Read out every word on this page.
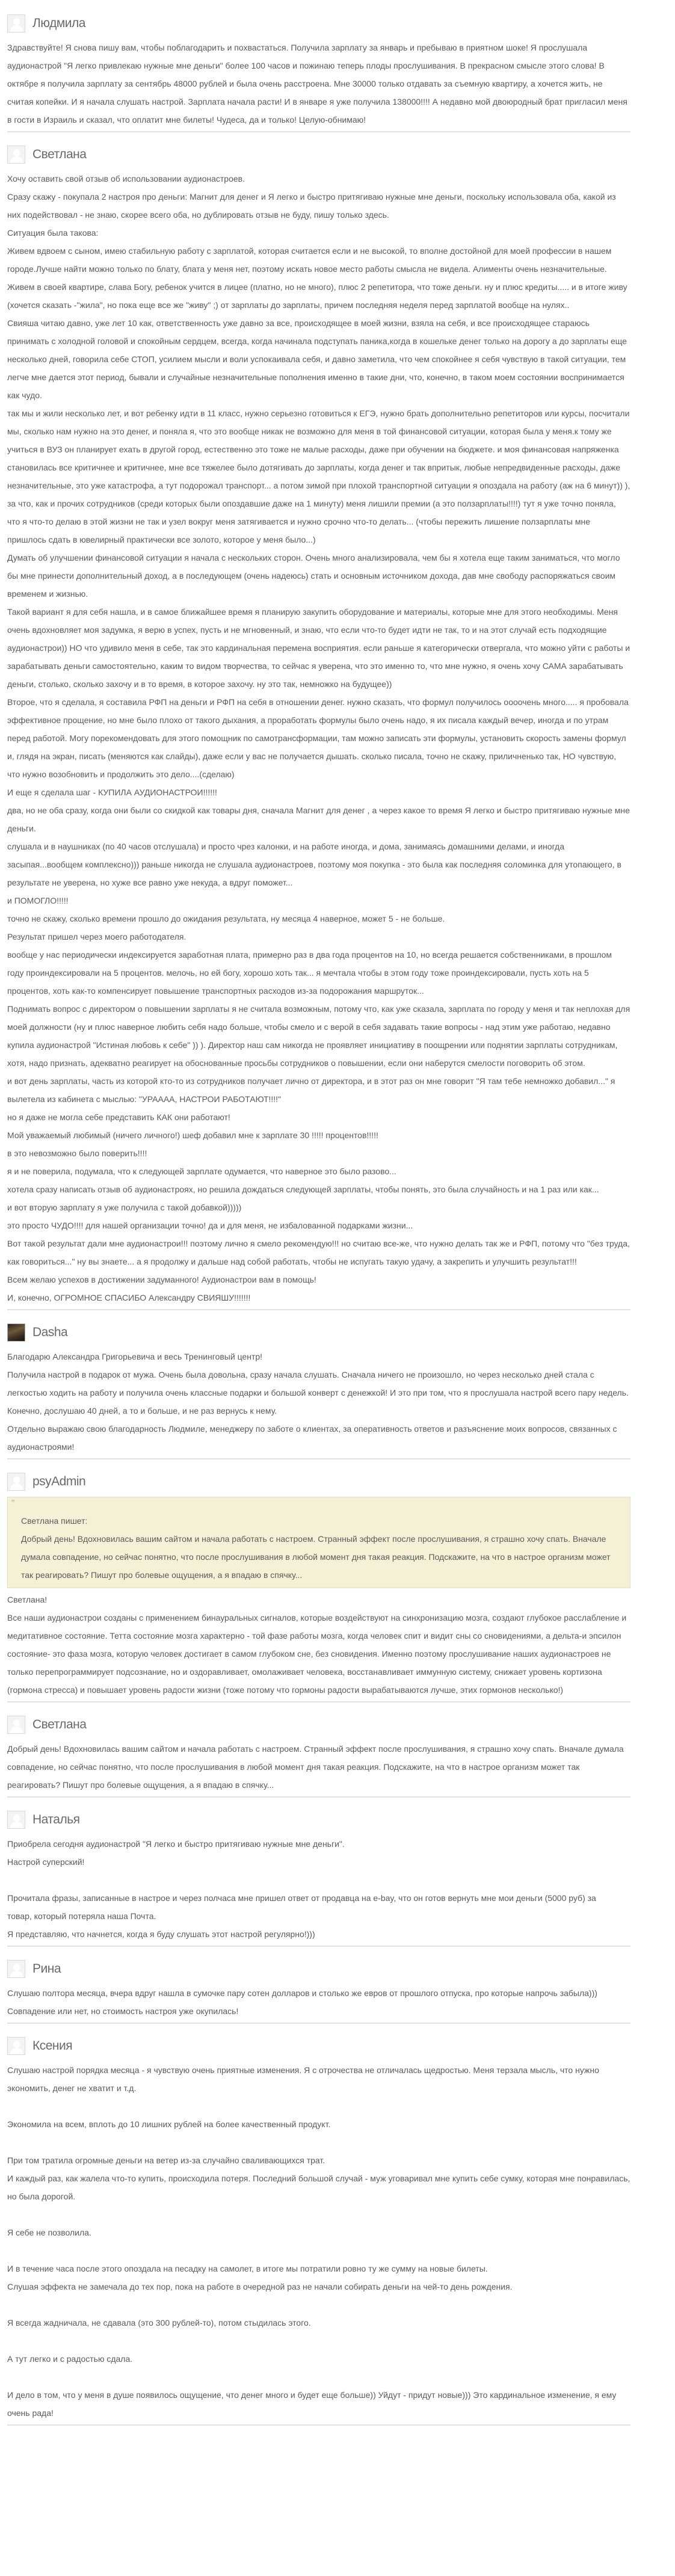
Людмила

Здравствуйте! Я снова пишу вам, чтобы поблагодарить и похвастаться. Получила зарплату за январь и пребываю в приятном шоке! Я прослушала аудионастрой "Я легко привлекаю нужные мне деньги" более 100 часов и пожинаю теперь плоды прослушивания. В прекрасном смысле этого слова! В октябре я получила зарплату за сентябрь 48000 рублей и была очень расстроена. Мне 30000 только отдавать за съемную квартиру, а хочется жить, не считая копейки. И я начала слушать настрой. Зарплата начала расти! И в январе я уже получила 138000!!!! А недавно мой двоюродный брат пригласил меня в гости в Израиль и сказал, что оплатит мне билеты! Чудеса, да и только! Целую-обнимаю!

Светлана

Хочу оставить свой отзыв об использовании аудионастроев.

Сразу скажу - покупала 2 настроя про деньги: Магнит для денег и Я легко и быстро притягиваю нужные мне деньги, поскольку использовала оба, какой из них подействовал - не знаю, скорее всего оба, но дублировать отзыв не буду, пишу только здесь.

Ситуация была такова:

Живем вдвоем с сыном, имею стабильную работу с зарплатой, которая считается если и не высокой, то вполне достойной для моей профессии в нашем городе.Лучше найти можно только по блату, блата у меня нет, поэтому искать новое место работы смысла не видела. Алименты очень незначительные. Живем в своей квартире, слава Богу, ребенок учится в лицее (платно, но не много), плюс 2 репетитора, что тоже деньги. ну и плюс кредиты..... и в итоге живу (хочется сказать -"жила", но пока еще все же "живу" ;) от зарплаты до зарплаты, причем последняя неделя перед зарплатой вообще на нулях..

Свияша читаю давно, уже лет 10 как, ответственность уже давно за все, происходящее в моей жизни, взяла на себя, и все происходящее стараюсь принимать с холодной головой и спокойным сердцем, всегда, когда начинала подступать паника,когда в кошельке денег только на дорогу а до зарплаты еще несколько дней, говорила себе СТОП, усилием мысли и воли успокаивала себя, и давно заметила, что чем спокойнее я себя чувствую в такой ситуации, тем легче мне дается этот период, бывали и случайные незначительные пополнения именно в такие дни, что, конечно, в таком моем состоянии воспринимается как чудо.

так мы и жили несколько лет, и вот ребенку идти в 11 класс, нужно серьезно готовиться к ЕГЭ, нужно брать дополнительно репетиторов или курсы, посчитали мы, сколько нам нужно на это денег, и поняла я, что это вообще никак не возможно для меня в той финансовой ситуации, которая была у меня.к тому же учиться в ВУЗ он планирует ехать в другой город, естественно это тоже не малые расходы, даже при обучении на бюджете. и моя финансовая напряженка становилась все критичнее и критичнее, мне все тяжелее было дотягивать до зарплаты, когда денег и так впритык, любые непредвиденные расходы, даже незначительные, это уже катастрофа, а тут подорожал транспорт... а потом зимой при плохой транспортной ситуации я опоздала на работу (аж на 6 минут)) ), за что, как и прочих сотрудников (среди которых были опоздавшие даже на 1 минуту) меня лишили премии (а это ползарплаты!!!!) тут я уже точно поняла, что я что-то делаю в этой жизни не так и узел вокруг меня затягивается и нужно срочно что-то делать... (чтобы пережить лишение ползарплаты мне пришлось сдать в ювелирный практически все золото, которое у меня было...)

Думать об улучшении финансовой ситуации я начала с нескольких сторон. Очень много анализировала, чем бы я хотела еще таким заниматься, что могло бы мне принести дополнительный доход, а в последующем (очень надеюсь) стать и основным источником дохода, дав мне свободу распоряжаться своим временем и жизнью.

Такой вариант я для себя нашла, и в самое ближайшее время я планирую закупить оборудование и материалы, которые мне для этого необходимы. Меня очень вдохновляет моя задумка, я верю в успех, пусть и не мгновенный, и знаю, что если что-то будет идти не так, то и на этот случай есть подходящие аудионастрои)) НО что удивило меня в себе, так это кардинальная перемена восприятия. если раньше я категорически отвергала, что можно уйти с работы и зарабатывать деньги самостоятельно, каким то видом творчества, то сейчас я уверена, что это именно то, что мне нужно, я очень хочу САМА зарабатывать деньги, столько, сколько захочу и в то время, в которое захочу. ну это так, немножко на будущее))

Второе, что я сделала, я составила РФП на деньги и РФП на себя в отношении денег. нужно сказать, что формул получилось оооочень много..... я пробовала эффективное прощение, но мне было плохо от такого дыхания, а проработать формулы было очень надо, я их писала каждый вечер, иногда и по утрам перед работой. Могу порекомендовать для этого помощник по самотрансформации, там можно записать эти формулы, установить скорость замены формул и, глядя на экран, писать (меняются как слайды), даже если у вас не получается дышать. сколько писала, точно не скажу, приличненько так, НО чувствую, что нужно возобновить и продолжить это дело....(сделаю)

И еще я сделала шаг - КУПИЛА АУДИОНАСТРОИ!!!!!!

два, но не оба сразу, когда они были со скидкой как товары дня, сначала Магнит для денег , а через какое то время Я легко и быстро притягиваю нужные мне деньги.

слушала и в наушниках (по 40 часов отслушала) и просто чрез калонки, и на работе иногда, и дома, занимаясь домашними делами, и иногда засыпая...вообщем комплексно))) раньше никогда не слушала аудионастроев, поэтому моя покупка - это была как последняя соломинка для утопающего, в результате не уверена, но хуже все равно уже некуда, а вдруг поможет...

и ПОМОГЛО!!!!!

точно не скажу, сколько времени прошло до ожидания результата, ну месяца 4 наверное, может 5 - не больше.

Результат пришел через моего работодателя.

вообще у нас периодически индексируется заработная плата, примерно раз в два года процентов на 10, но всегда решается собственниками, в прошлом году проиндексировали на 5 процентов. мелочь, но ей богу, хорошо хоть так... я мечтала чтобы в этом году тоже проиндексировали, пусть хоть на 5 процентов, хоть как-то компенсирует повышение транспортных расходов из-за подорожания маршруток...

Поднимать вопрос с директором о повышении зарплаты я не считала возможным, потому что, как уже сказала, зарплата по городу у меня и так неплохая для моей должности (ну и плюс наверное любить себя надо больше, чтобы смело и с верой в себя задавать такие вопросы - над этим уже работаю, недавно купила аудионастрой "Истиная любовь к себе" )) ). Директор наш сам никогда не проявляет инициативу в поощрении или поднятии зарплаты сотрудникам, хотя, надо признать, адекватно реагирует на обоснованные просьбы сотрудников о повышении, если они наберутся смелости поговорить об этом.

и вот день зарплаты, часть из которой кто-то из сотрудников получает лично от директора, и в этот раз он мне говорит "Я там тебе немножко добавил..." я вылетела из кабинета с мыслью: "УРАААА, НАСТРОИ РАБОТАЮТ!!!!"

но я даже не могла себе представить КАК они работают!

Мой уважаемый любимый (ничего личного!) шеф добавил мне к зарплате 30 !!!!! процентов!!!!!

в это невозможно было поверить!!!!

я и не поверила, подумала, что к следующей зарплате одумается, что наверное это было разово...

хотела сразу написать отзыв об аудионастроях, но решила дождаться следующей зарплаты, чтобы понять, это была случайность и на 1 раз или как...

и вот вторую зарплату я уже получила с такой добавкой)))))

это просто ЧУДО!!!! для нашей организации точно! да и для меня, не избалованной подарками жизни...

Вот такой результат дали мне аудионастрои!!! поэтому лично я смело рекомендую!!! но считаю все-же, что нужно делать так же и РФП, потому что "без труда, как говориться..." ну вы знаете... а я продолжу и дальше над собой работать, чтобы не испугать такую удачу, а закрепить и улучшить результат!!!

Всем желаю успехов в достижении задуманного! Аудионастрои вам в помощь!

И, конечно, ОГРОМНОЕ СПАСИБО Александру СВИЯШУ!!!!!!!

Dasha

Благодарю Александра Григорьевича и весь Тренинговый центр!

Получила настрой в подарок от мужа. Очень была довольна, сразу начала слушать. Сначала ничего не произошло, но через несколько дней стала с легкостью ходить на работу и получила очень классные подарки и большой конверт с денежкой! И это при том, что я прослушала настрой всего пару недель. Конечно, дослушаю 40 дней, а то и больше, и не раз вернусь к нему.

Отдельно выражаю свою благодарность Людмиле, менеджеру по заботе о клиентах, за оперативность ответов и разъяснение моих вопросов, связанных с аудионастроями!

psyAdmin
”

Светлана пишет:

Добрый день! Вдохновилась вашим сайтом и начала работать с настроем. Странный эффект после прослушивания, я страшно хочу спать. Вначале думала совпадение, но сейчас понятно, что после прослушивания в любой момент дня такая реакция. Подскажите, на что в настрое организм может так реагировать? Пишут про болевые ощущения, а я впадаю в спячку...

Светлана!

Все наши аудионастрои созданы с применением бинауральных сигналов, которые воздействуют на синхронизацию мозга, создают глубокое расслабление и медитативное состояние. Тетта состояние мозга характерно - той фазе работы мозга, когда человек спит и видит сны со сновидениями, а дельта-и эпсилон состояние- это фаза мозга, которую человек достигает в самом глубоком сне, без сновидения. Именно поэтому прослушивание наших аудионастроев не только перепрограммирует подсознание, но и оздоравливает, омолаживает человека, восстанавливает иммунную систему, снижает уровень кортизона (гормона стресса) и повышает уровень радости жизни (тоже потому что гормоны радости вырабатываются лучше, этих гормонов несколько!)

Светлана

Добрый день! Вдохновилась вашим сайтом и начала работать с настроем. Странный эффект после прослушивания, я страшно хочу спать. Вначале думала совпадение, но сейчас понятно, что после прослушивания в любой момент дня такая реакция. Подскажите, на что в настрое организм может так реагировать? Пишут про болевые ощущения, а я впадаю в спячку...

Наталья

Приобрела сегодня аудионастрой "Я легко и быстро притягиваю нужные мне деньги".

Настрой суперский!

Прочитала фразы, записанные в настрое и через полчаса мне пришел ответ от продавца на e-bay, что он готов вернуть мне мои деньги (5000 руб) за

товар, который потеряла наша Почта.

Я представляю, что начнется, когда я буду слушать этот настрой регулярно!)))

Рина

Слушаю полтора месяца, вчера вдруг нашла в сумочке пару сотен долларов и столько же евров от прошлого отпуска, про которые напрочь забыла))) Совпадение или нет, но стоимость настроя уже окупилась!

Ксения

Слушаю настрой порядка месяца - я чувствую очень приятные изменения. Я с отрочества не отличалась щедростью. Меня терзала мысль, что нужно экономить, денег не хватит и т.д.

Экономила на всем, вплоть до 10 лишних рублей на более качественный продукт.

При том тратила огромные деньги на ветер из-за случайно сваливающихся трат.

И каждый раз, как жалела что-то купить, происходила потеря. Последний большой случай - муж уговаривал мне купить себе сумку, которая мне понравилась, но была дорогой.

Я себе не позволила.

И в течение часа после этого опоздала на песадку на самолет, в итоге мы потратили ровно ту же сумму на новые билеты.

Слушая эффекта не замечала до тех пор, пока на работе в очередной раз не начали собирать деньги на чей-то день рождения.

Я всегда жадничала, не сдавала (это 300 рублей-то), потом стыдилась этого.

А тут легко и с радостью сдала.

И дело в том, что у меня в душе появилось ощущение, что денег много и будет еще больше)) Уйдут - придут новые))) Это кардинальное изменение, я ему очень рада!
